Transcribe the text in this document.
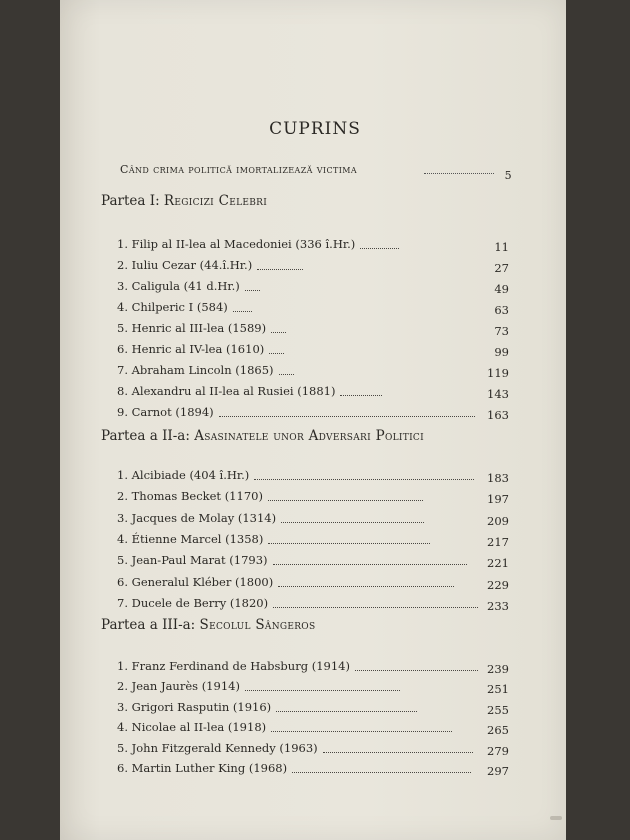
CUPRINS
Când crima politică imortalizează victima	5
Partea I: Regicizi Celebri
1. Filip al II-lea al Macedoniei (336 î.Hr.)	11
2. Iuliu Cezar (44.î.Hr.)	27
3. Caligula (41 d.Hr.)	49
4. Chilperic I (584)	63
5. Henric al III-lea (1589)	73
6. Henric al IV-lea (1610)	99
7. Abraham Lincoln (1865)	119
8. Alexandru al II-lea al Rusiei (1881)	143
9. Carnot (1894)	163
Partea a II-a: Asasinatele unor Adversari Politici
1. Alcibiade (404 î.Hr.)	183
2. Thomas Becket (1170)	197
3. Jacques de Molay (1314)	209
4. Étienne Marcel (1358)	217
5. Jean-Paul Marat (1793)	221
6. Generalul Kléber (1800)	229
7. Ducele de Berry (1820)	233
Partea a III-a: Secolul Sângeros
1. Franz Ferdinand de Habsburg (1914)	239
2. Jean Jaurès (1914)	251
3. Grigori Rasputin (1916)	255
4. Nicolae al II-lea (1918)	265
5. John Fitzgerald Kennedy (1963)	279
6. Martin Luther King (1968)	297
